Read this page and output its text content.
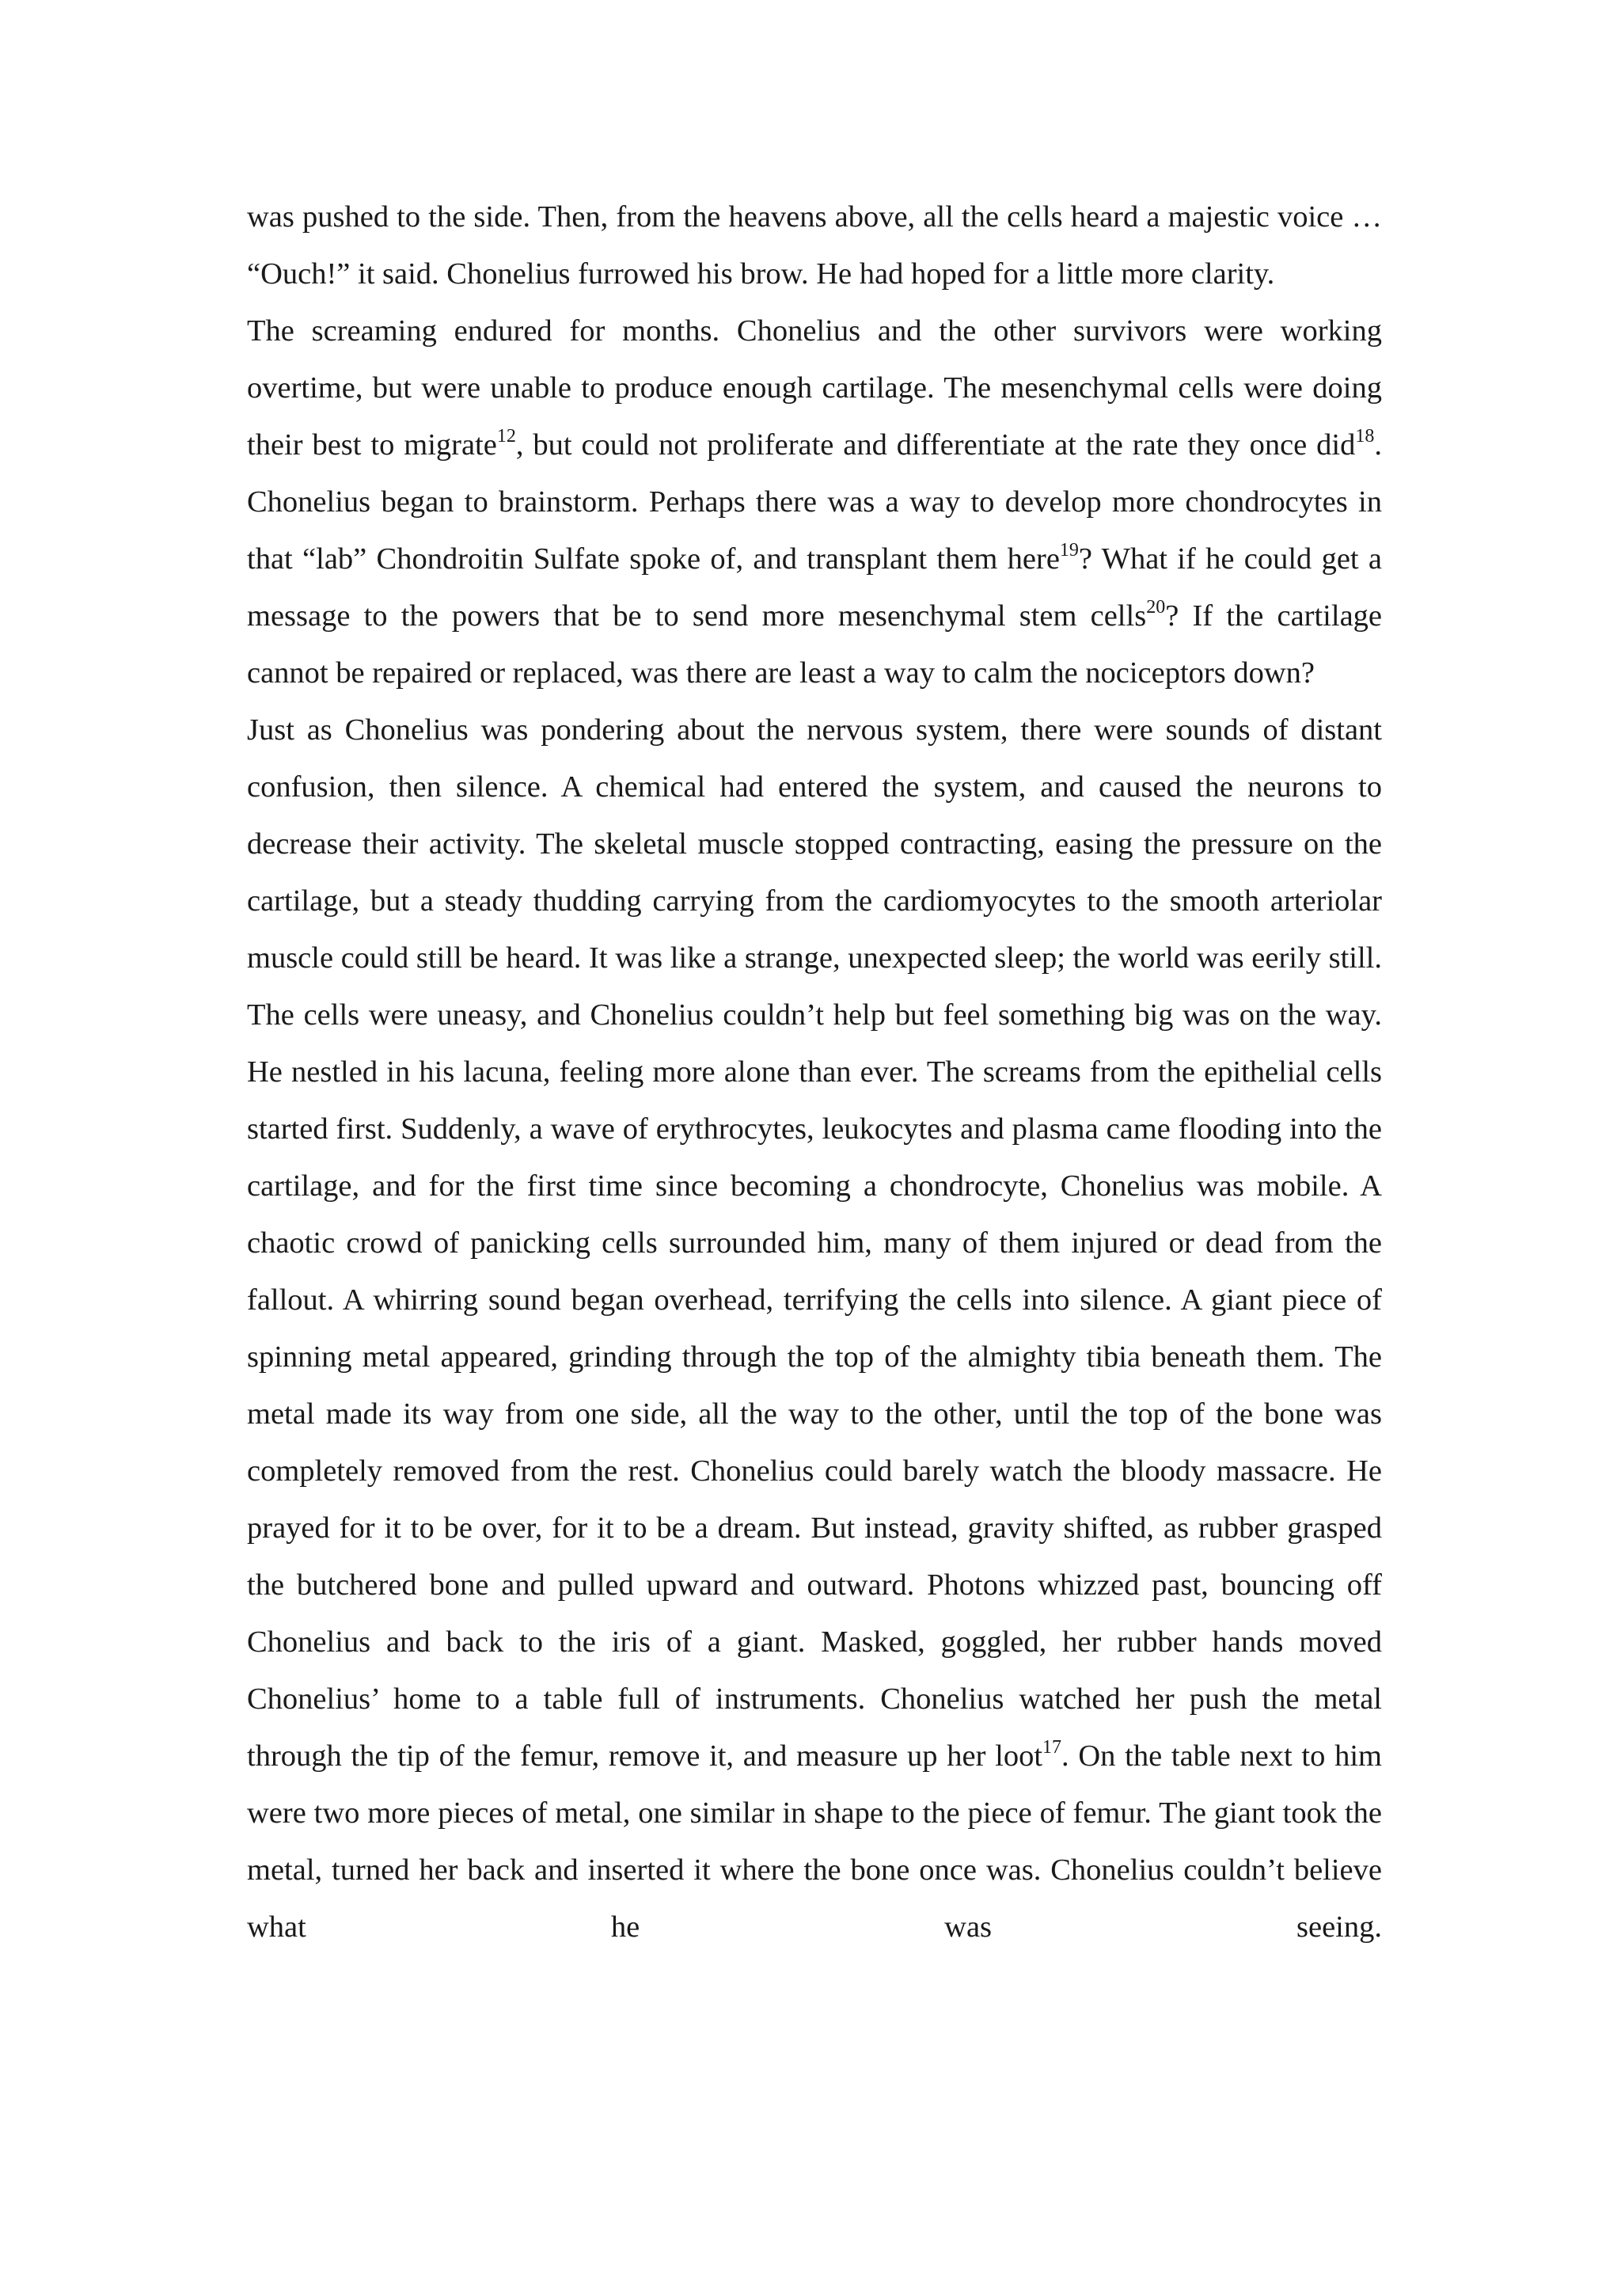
was pushed to the side. Then, from the heavens above, all the cells heard a majestic voice … “Ouch!” it said. Chonelius furrowed his brow. He had hoped for a little more clarity.

The screaming endured for months. Chonelius and the other survivors were working overtime, but were unable to produce enough cartilage. The mesenchymal cells were doing their best to migrate$^{12}$, but could not proliferate and differentiate at the rate they once did$^{18}$. Chonelius began to brainstorm. Perhaps there was a way to develop more chondrocytes in that “lab” Chondroitin Sulfate spoke of, and transplant them here$^{19}$? What if he could get a message to the powers that be to send more mesenchymal stem cells$^{20}$? If the cartilage cannot be repaired or replaced, was there are least a way to calm the nociceptors down?

Just as Chonelius was pondering about the nervous system, there were sounds of distant confusion, then silence. A chemical had entered the system, and caused the neurons to decrease their activity. The skeletal muscle stopped contracting, easing the pressure on the cartilage, but a steady thudding carrying from the cardiomyocytes to the smooth arteriolar muscle could still be heard. It was like a strange, unexpected sleep; the world was eerily still. The cells were uneasy, and Chonelius couldn’t help but feel something big was on the way. He nestled in his lacuna, feeling more alone than ever. The screams from the epithelial cells started first. Suddenly, a wave of erythrocytes, leukocytes and plasma came flooding into the cartilage, and for the first time since becoming a chondrocyte, Chonelius was mobile. A chaotic crowd of panicking cells surrounded him, many of them injured or dead from the fallout. A whirring sound began overhead, terrifying the cells into silence. A giant piece of spinning metal appeared, grinding through the top of the almighty tibia beneath them. The metal made its way from one side, all the way to the other, until the top of the bone was completely removed from the rest. Chonelius could barely watch the bloody massacre. He prayed for it to be over, for it to be a dream. But instead, gravity shifted, as rubber grasped the butchered bone and pulled upward and outward. Photons whizzed past, bouncing off Chonelius and back to the iris of a giant. Masked, goggled, her rubber hands moved Chonelius’ home to a table full of instruments. Chonelius watched her push the metal through the tip of the femur, remove it, and measure up her loot$^{17}$. On the table next to him were two more pieces of metal, one similar in shape to the piece of femur. The giant took the metal, turned her back and inserted it where the bone once was. Chonelius couldn’t believe what he was seeing.
